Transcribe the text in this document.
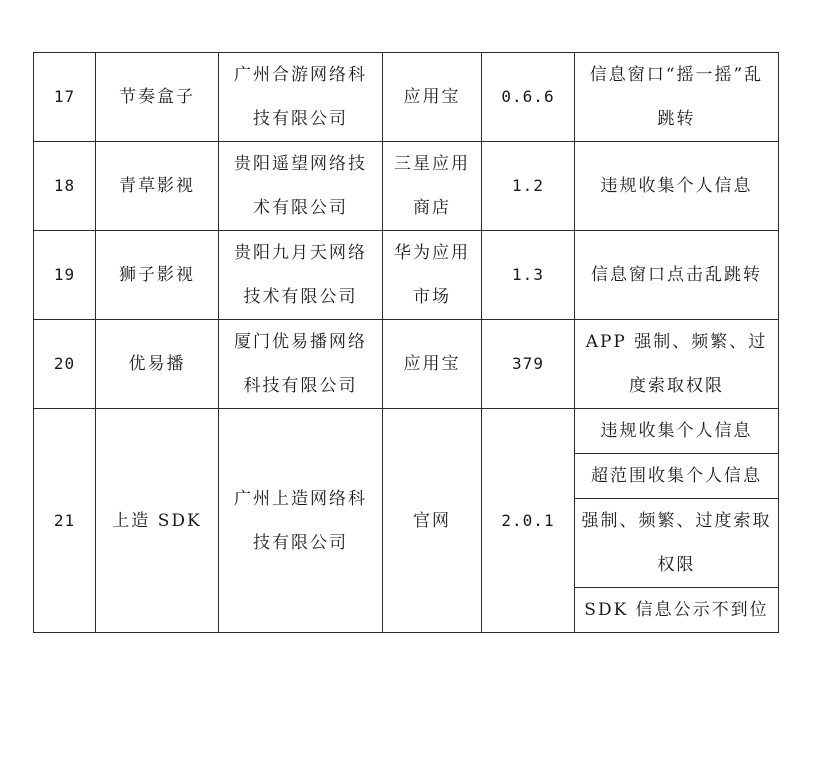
17	节奏盒子	广州合游网络科技有限公司	应用宝	0.6.6	信息窗口“摇一摇”乱跳转
18	青草影视	贵阳遥望网络技术有限公司	三星应用商店	1.2	违规收集个人信息
19	狮子影视	贵阳九月天网络技术有限公司	华为应用市场	1.3	信息窗口点击乱跳转
20	优易播	厦门优易播网络科技有限公司	应用宝	379	APP 强制、频繁、过度索取权限
21	上造 SDK	广州上造网络科技有限公司	官网	2.0.1	违规收集个人信息
超范围收集个人信息
强制、频繁、过度索取权限
SDK 信息公示不到位
